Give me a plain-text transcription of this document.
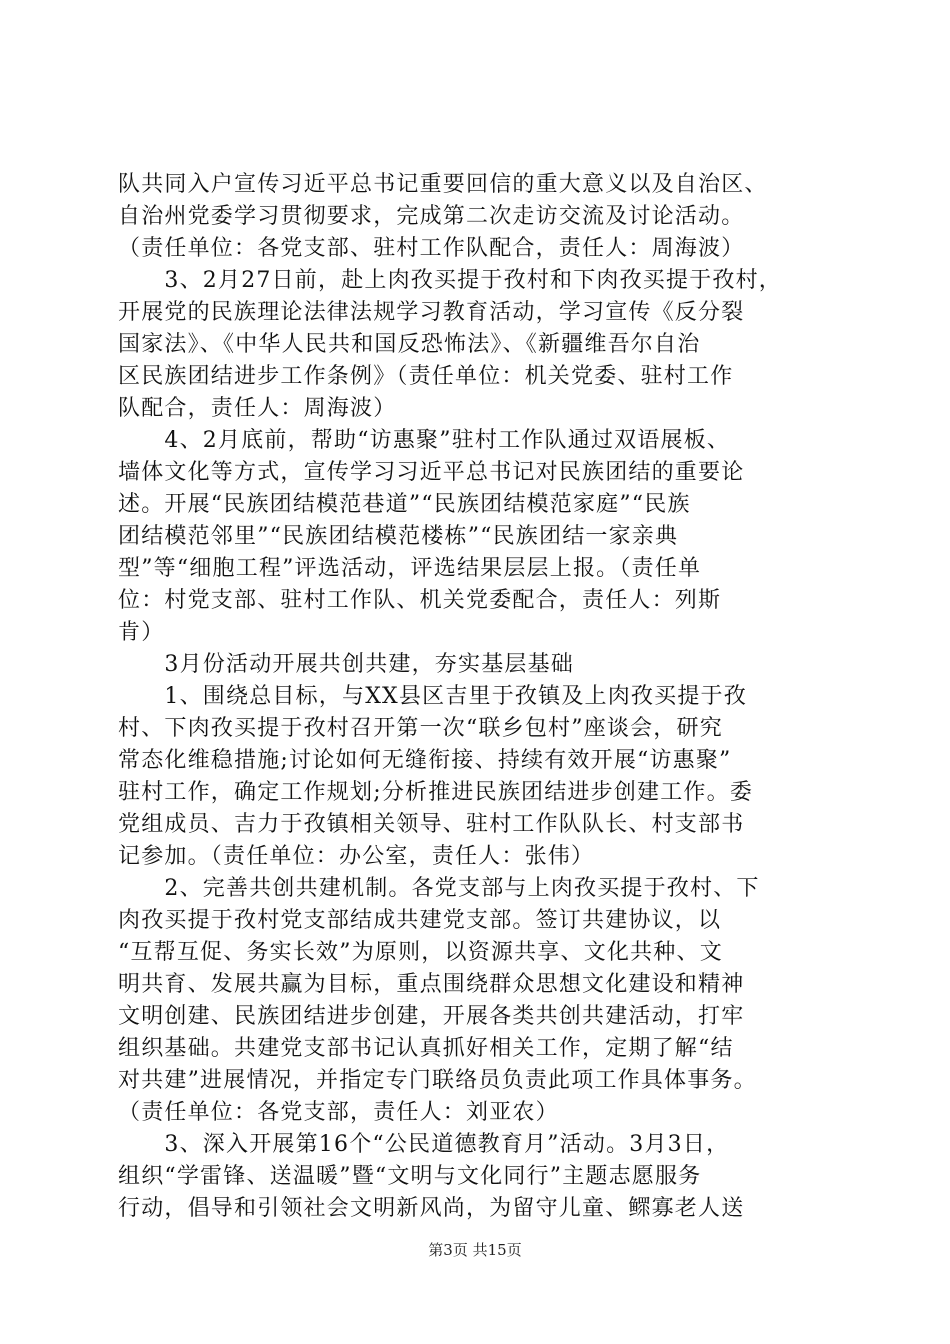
队共同入户宣传习近平总书记重要回信的重大意义以及自治区、
自治州党委学习贯彻要求，完成第二次走访交流及讨论活动。
（责任单位：各党支部、驻村工作队配合，责任人：周海波）
　　3、2月27日前，赴上肉孜买提于孜村和下肉孜买提于孜村，
开展党的民族理论法律法规学习教育活动，学习宣传《反分裂
国家法》、《中华人民共和国反恐怖法》、《新疆维吾尔自治
区民族团结进步工作条例》（责任单位：机关党委、驻村工作
队配合，责任人：周海波）
　　4、2月底前，帮助“访惠聚”驻村工作队通过双语展板、
墙体文化等方式，宣传学习习近平总书记对民族团结的重要论
述。开展“民族团结模范巷道”“民族团结模范家庭”“民族
团结模范邻里”“民族团结模范楼栋”“民族团结一家亲典
型”等“细胞工程”评选活动，评选结果层层上报。（责任单
位：村党支部、驻村工作队、机关党委配合，责任人：列斯
肯）
　　3月份活动开展共创共建，夯实基层基础
　　1、围绕总目标，与XX县区吉里于孜镇及上肉孜买提于孜
村、下肉孜买提于孜村召开第一次“联乡包村”座谈会，研究
常态化维稳措施;讨论如何无缝衔接、持续有效开展“访惠聚”
驻村工作，确定工作规划;分析推进民族团结进步创建工作。委
党组成员、吉力于孜镇相关领导、驻村工作队队长、村支部书
记参加。（责任单位：办公室，责任人：张伟）
　　2、完善共创共建机制。各党支部与上肉孜买提于孜村、下
肉孜买提于孜村党支部结成共建党支部。签订共建协议，以
“互帮互促、务实长效”为原则，以资源共享、文化共种、文
明共育、发展共赢为目标，重点围绕群众思想文化建设和精神
文明创建、民族团结进步创建，开展各类共创共建活动，打牢
组织基础。共建党支部书记认真抓好相关工作，定期了解“结
对共建”进展情况，并指定专门联络员负责此项工作具体事务。
（责任单位：各党支部，责任人：刘亚农）
　　3、深入开展第16个“公民道德教育月”活动。3月3日，
组织“学雷锋、送温暖”暨“文明与文化同行”主题志愿服务
行动，倡导和引领社会文明新风尚，为留守儿童、鳏寡老人送
第3页 共15页
